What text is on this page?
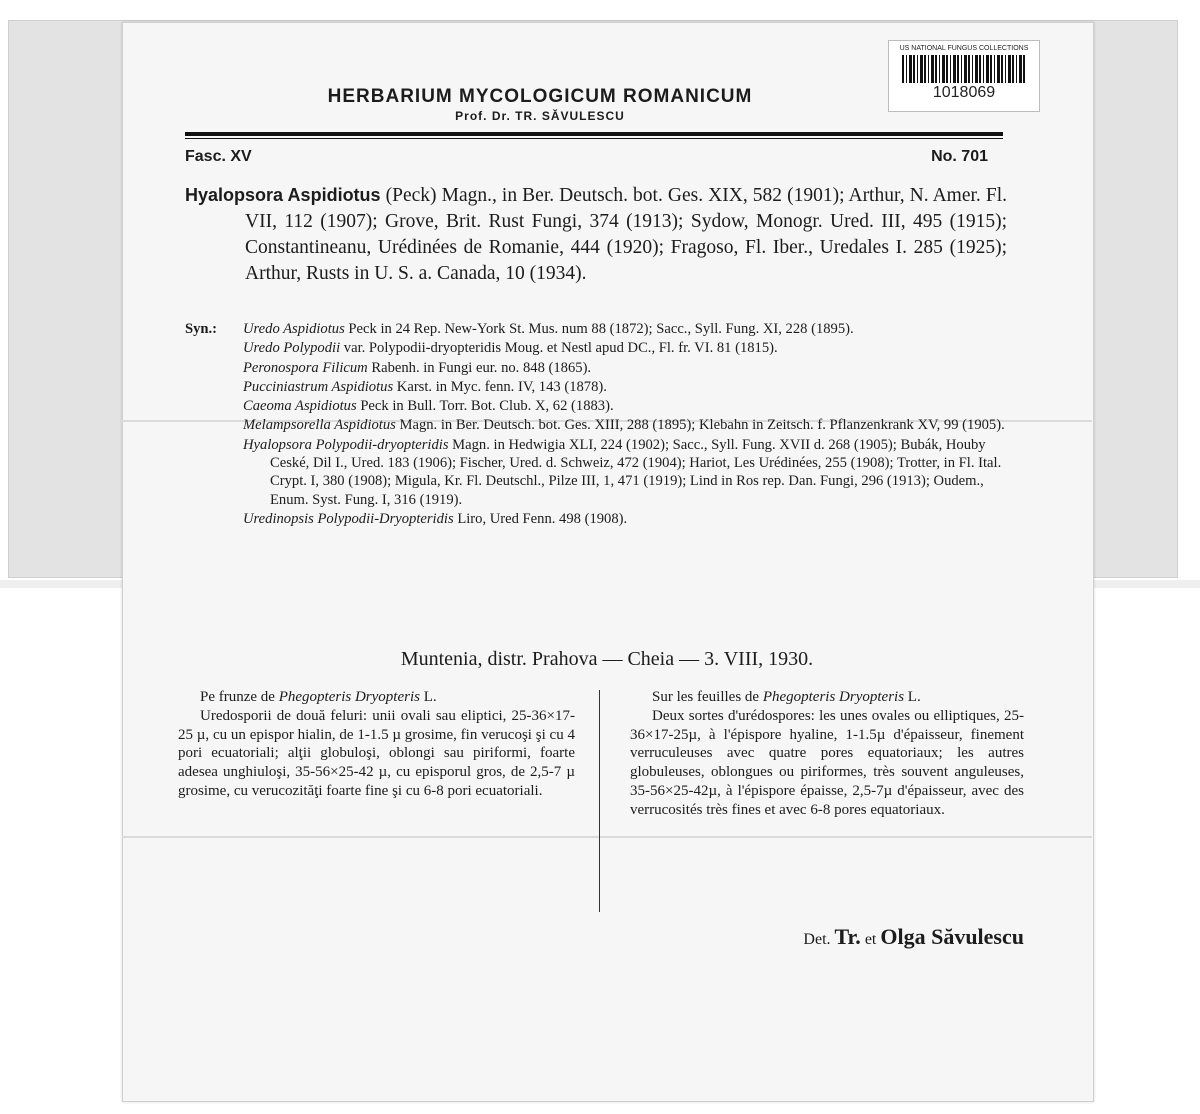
US NATIONAL FUNGUS COLLECTIONS
1018069
HERBARIUM MYCOLOGICUM ROMANICUM
Prof. Dr. TR. SĂVULESCU
Fasc. XV	No. 701
Hyalopsora Aspidiotus (Peck) Magn., in Ber. Deutsch. bot. Ges. XIX, 582 (1901); Arthur, N. Amer. Fl. VII, 112 (1907); Grove, Brit. Rust Fungi, 374 (1913); Sydow, Monogr. Ured. III, 495 (1915); Constantineanu, Urédinées de Romanie, 444 (1920); Fragoso, Fl. Iber., Uredales I. 285 (1925); Arthur, Rusts in U. S. a. Canada, 10 (1934).
Syn.:	Uredo Aspidiotus Peck in 24 Rep. New-York St. Mus. num 88 (1872); Sacc., Syll. Fung. XI, 228 (1895).
Uredo Polypodii var. Polypodii-dryopteridis Moug. et Nestl apud DC., Fl. fr. VI. 81 (1815).
Peronospora Filicum Rabenh. in Fungi eur. no. 848 (1865).
Pucciniastrum Aspidiotus Karst. in Myc. fenn. IV, 143 (1878).
Caeoma Aspidiotus Peck in Bull. Torr. Bot. Club. X, 62 (1883).
Melampsorella Aspidiotus Magn. in Ber. Deutsch. bot. Ges. XIII, 288 (1895); Klebahn in Zeitsch. f. Pflanzenkrank XV, 99 (1905).
Hyalopsora Polypodii-dryopteridis Magn. in Hedwigia XLI, 224 (1902); Sacc., Syll. Fung. XVII d. 268 (1905); Bubák, Houby Ceské, Dil I., Ured. 183 (1906); Fischer, Ured. d. Schweiz, 472 (1904); Hariot, Les Urédinées, 255 (1908); Trotter, in Fl. Ital. Crypt. I, 380 (1908); Migula, Kr. Fl. Deutschl., Pilze III, 1, 471 (1919); Lind in Ros rep. Dan. Fungi, 296 (1913); Oudem., Enum. Syst. Fung. I, 316 (1919).
Uredinopsis Polypodii-Dryopteridis Liro, Ured Fenn. 498 (1908).
Muntenia, distr. Prahova — Cheia — 3. VIII, 1930.

Pe frunze de Phegopteris Dryopteris L.

Uredosporii de două feluri: unii ovali sau eliptici, 25-36×17-25 µ, cu un epispor hialin, de 1-1.5 µ grosime, fin verucoşi şi cu 4 pori ecuatoriali; alţii globuloşi, oblongi sau piriformi, foarte adesea unghiuloşi, 35-56×25-42 µ, cu episporul gros, de 2,5-7 µ grosime, cu verucozităţi foarte fine şi cu 6-8 pori ecuatoriali.

Sur les feuilles de Phegopteris Dryopteris L.

Deux sortes d'urédospores: les unes ovales ou elliptiques, 25-36×17-25µ, à l'épispore hyaline, 1-1.5µ d'épaisseur, finement verruculeuses avec quatre pores equatoriaux; les autres globuleuses, oblongues ou piriformes, très souvent anguleuses, 35-56×25-42µ, à l'épispore épaisse, 2,5-7µ d'épaisseur, avec des verrucosités très fines et avec 6-8 pores equatoriaux.

Det. Tr. et Olga Săvulescu
